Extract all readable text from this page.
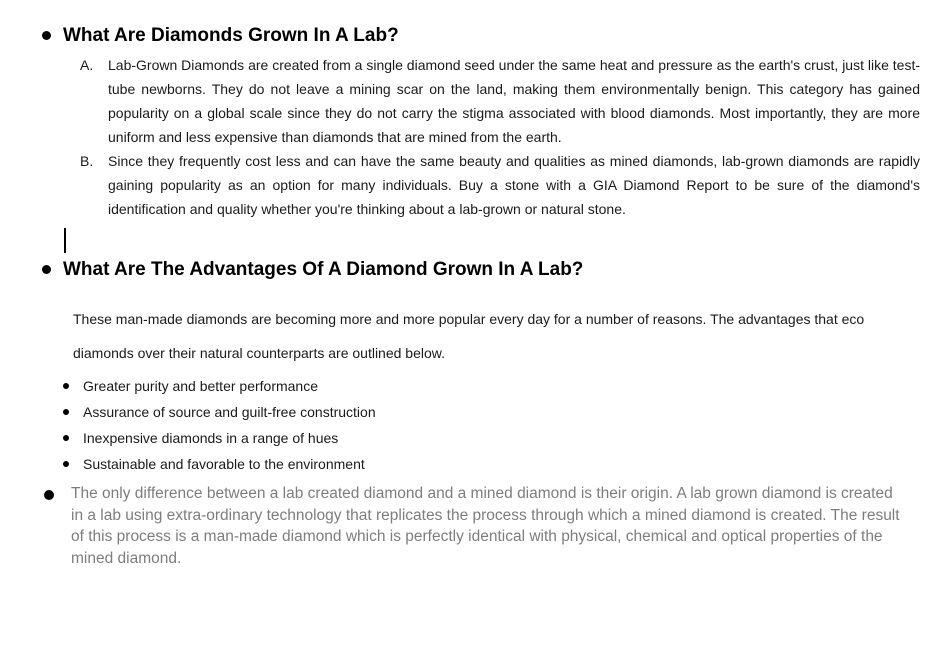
What Are Diamonds Grown In A Lab?
A.	Lab-Grown Diamonds are created from a single diamond seed under the same heat and pressure as the earth's crust, just like test-tube newborns. They do not leave a mining scar on the land, making them environmentally benign. This category has gained popularity on a global scale since they do not carry the stigma associated with blood diamonds. Most importantly, they are more uniform and less expensive than diamonds that are mined from the earth.
B.	Since they frequently cost less and can have the same beauty and qualities as mined diamonds, lab-grown diamonds are rapidly gaining popularity as an option for many individuals. Buy a stone with a GIA Diamond Report to be sure of the diamond's identification and quality whether you're thinking about a lab-grown or natural stone.
What Are The Advantages Of A Diamond Grown In A Lab?
These man-made diamonds are becoming more and more popular every day for a number of reasons. The advantages that eco diamonds over their natural counterparts are outlined below.
Greater purity and better performance
Assurance of source and guilt-free construction
Inexpensive diamonds in a range of hues
Sustainable and favorable to the environment
The only difference between a lab created diamond and a mined diamond is their origin. A lab grown diamond is created in a lab using extra-ordinary technology that replicates the process through which a mined diamond is created. The result of this process is a man-made diamond which is perfectly identical with physical, chemical and optical properties of the mined diamond.
